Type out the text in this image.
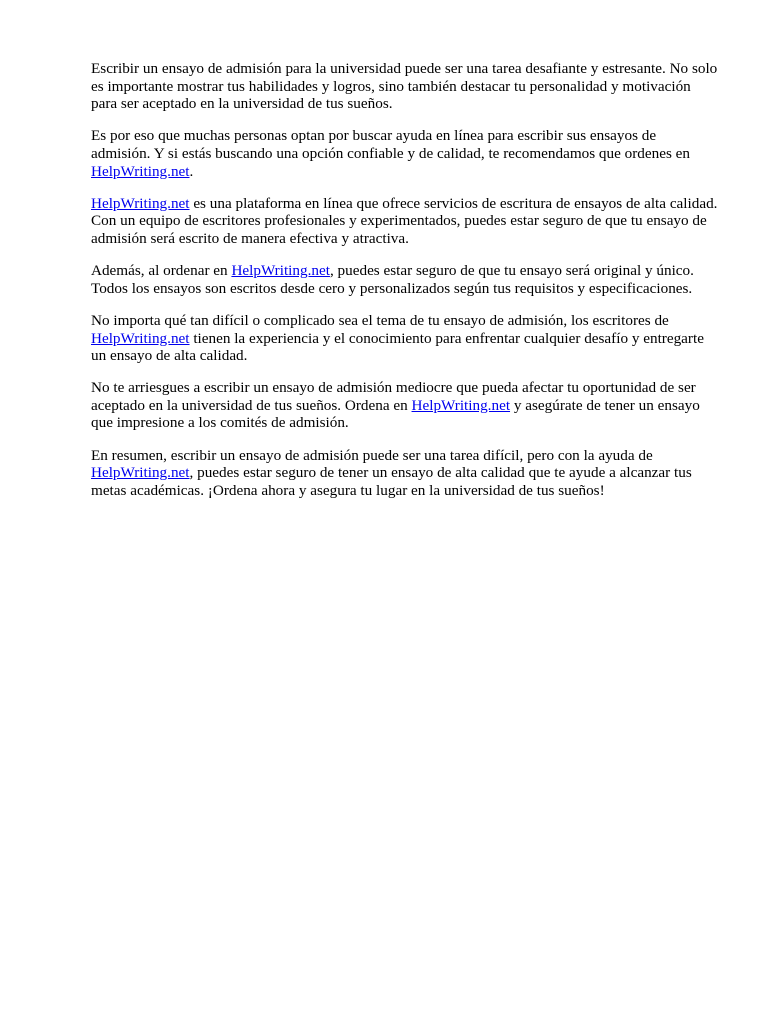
Escribir un ensayo de admisión para la universidad puede ser una tarea desafiante y estresante. No solo es importante mostrar tus habilidades y logros, sino también destacar tu personalidad y motivación para ser aceptado en la universidad de tus sueños.

Es por eso que muchas personas optan por buscar ayuda en línea para escribir sus ensayos de admisión. Y si estás buscando una opción confiable y de calidad, te recomendamos que ordenes en HelpWriting.net.

HelpWriting.net es una plataforma en línea que ofrece servicios de escritura de ensayos de alta calidad. Con un equipo de escritores profesionales y experimentados, puedes estar seguro de que tu ensayo de admisión será escrito de manera efectiva y atractiva.

Además, al ordenar en HelpWriting.net, puedes estar seguro de que tu ensayo será original y único. Todos los ensayos son escritos desde cero y personalizados según tus requisitos y especificaciones.

No importa qué tan difícil o complicado sea el tema de tu ensayo de admisión, los escritores de HelpWriting.net tienen la experiencia y el conocimiento para enfrentar cualquier desafío y entregarte un ensayo de alta calidad.

No te arriesgues a escribir un ensayo de admisión mediocre que pueda afectar tu oportunidad de ser aceptado en la universidad de tus sueños. Ordena en HelpWriting.net y asegúrate de tener un ensayo que impresione a los comités de admisión.

En resumen, escribir un ensayo de admisión puede ser una tarea difícil, pero con la ayuda de HelpWriting.net, puedes estar seguro de tener un ensayo de alta calidad que te ayude a alcanzar tus metas académicas. ¡Ordena ahora y asegura tu lugar en la universidad de tus sueños!
